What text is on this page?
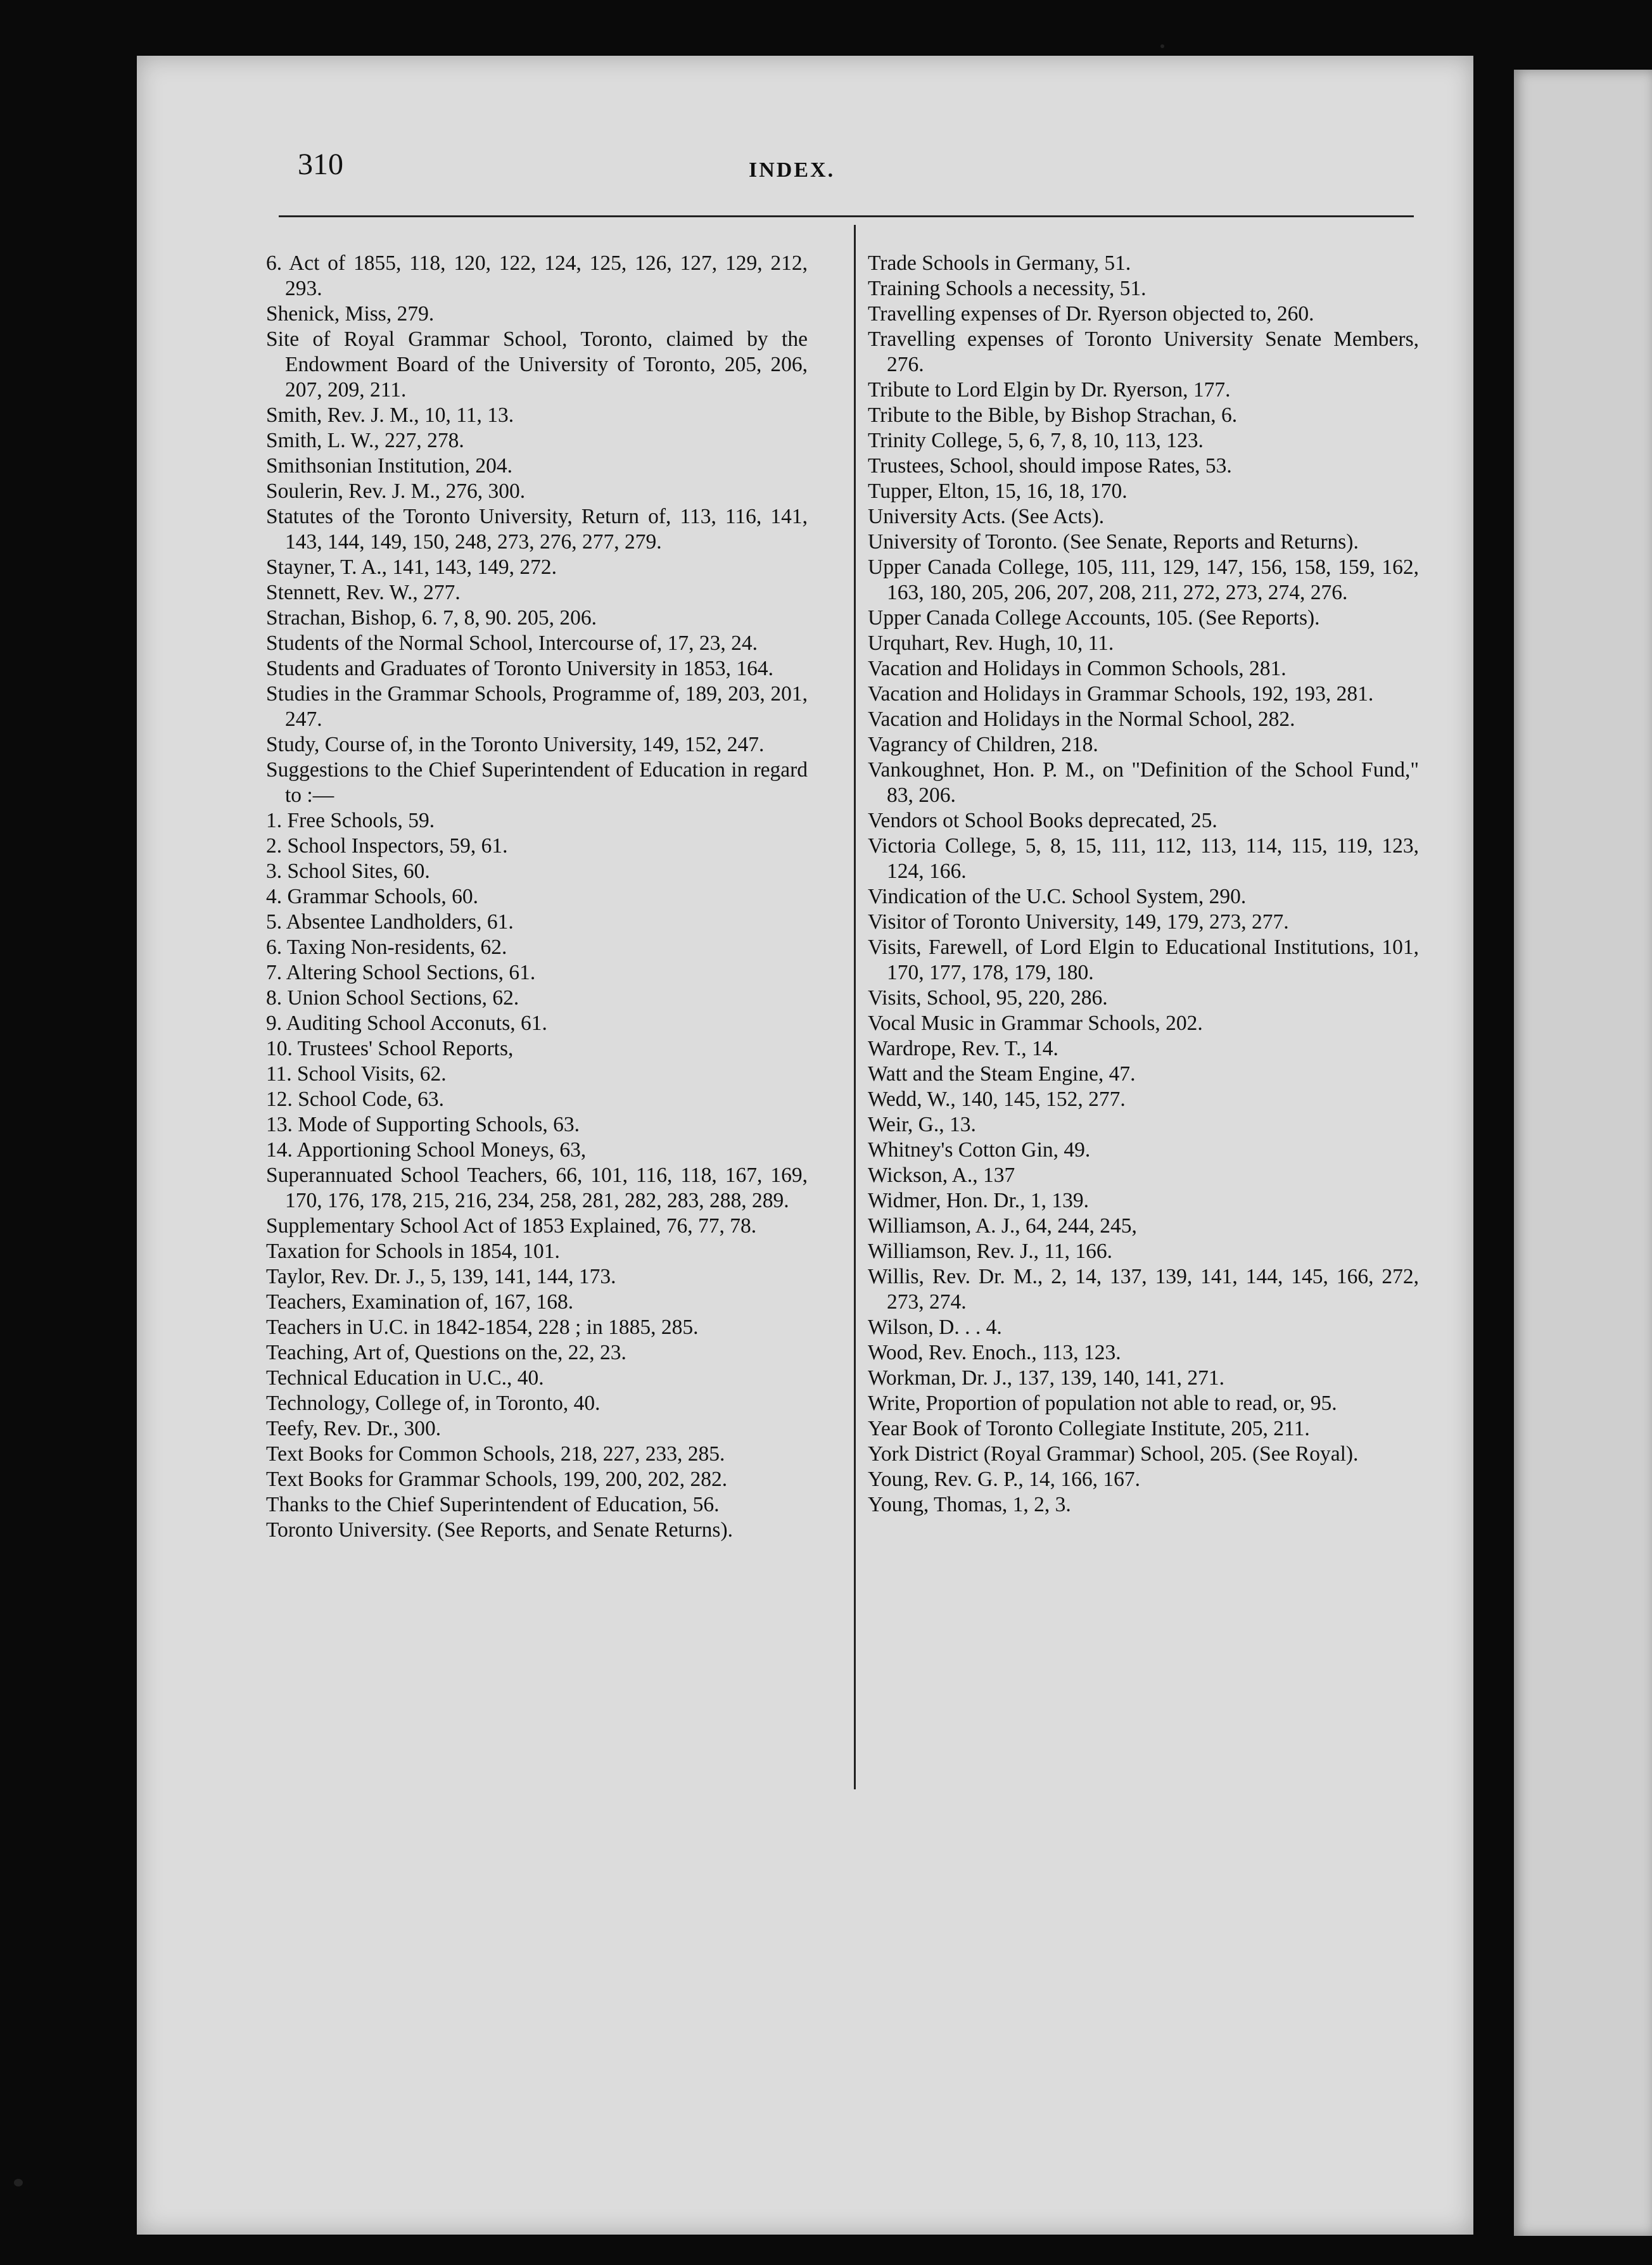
310	INDEX.

6. Act of 1855, 118, 120, 122, 124, 125, 126, 127, 129, 212, 293.

Shenick, Miss, 279.

Site of Royal Grammar School, Toronto, claimed by the Endowment Board of the University of Toronto, 205, 206, 207, 209, 211.

Smith, Rev. J. M., 10, 11, 13.

Smith, L. W., 227, 278.

Smithsonian Institution, 204.

Soulerin, Rev. J. M., 276, 300.

Statutes of the Toronto University, Return of, 113, 116, 141, 143, 144, 149, 150, 248, 273, 276, 277, 279.

Stayner, T. A., 141, 143, 149, 272.

Stennett, Rev. W., 277.

Strachan, Bishop, 6. 7, 8, 90. 205, 206.

Students of the Normal School, Intercourse of, 17, 23, 24.

Students and Graduates of Toronto University in 1853, 164.

Studies in the Grammar Schools, Programme of, 189, 203, 201, 247.

Study, Course of, in the Toronto University, 149, 152, 247.

Suggestions to the Chief Superintendent of Education in regard to :—

1. Free Schools, 59.

2. School Inspectors, 59, 61.

3. School Sites, 60.

4. Grammar Schools, 60.

5. Absentee Landholders, 61.

6. Taxing Non-residents, 62.

7. Altering School Sections, 61.

8. Union School Sections, 62.

9. Auditing School Acconuts, 61.

10. Trustees' School Reports,

11. School Visits, 62.

12. School Code, 63.

13. Mode of Supporting Schools, 63.

14. Apportioning School Moneys, 63,

Superannuated School Teachers, 66, 101, 116, 118, 167, 169, 170, 176, 178, 215, 216, 234, 258, 281, 282, 283, 288, 289.

Supplementary School Act of 1853 Explained, 76, 77, 78.

Taxation for Schools in 1854, 101.

Taylor, Rev. Dr. J., 5, 139, 141, 144, 173.

Teachers, Examination of, 167, 168.

Teachers in U.C. in 1842-1854, 228 ; in 1885, 285.

Teaching, Art of, Questions on the, 22, 23.

Technical Education in U.C., 40.

Technology, College of, in Toronto, 40.

Teefy, Rev. Dr., 300.

Text Books for Common Schools, 218, 227, 233, 285.

Text Books for Grammar Schools, 199, 200, 202, 282.

Thanks to the Chief Superintendent of Education, 56.

Toronto University. (See Reports, and Senate Returns).

Trade Schools in Germany, 51.

Training Schools a necessity, 51.

Travelling expenses of Dr. Ryerson objected to, 260.

Travelling expenses of Toronto University Senate Members, 276.

Tribute to Lord Elgin by Dr. Ryerson, 177.

Tribute to the Bible, by Bishop Strachan, 6.

Trinity College, 5, 6, 7, 8, 10, 113, 123.

Trustees, School, should impose Rates, 53.

Tupper, Elton, 15, 16, 18, 170.

University Acts. (See Acts).

University of Toronto. (See Senate, Reports and Returns).

Upper Canada College, 105, 111, 129, 147, 156, 158, 159, 162, 163, 180, 205, 206, 207, 208, 211, 272, 273, 274, 276.

Upper Canada College Accounts, 105. (See Reports).

Urquhart, Rev. Hugh, 10, 11.

Vacation and Holidays in Common Schools, 281.

Vacation and Holidays in Grammar Schools, 192, 193, 281.

Vacation and Holidays in the Normal School, 282.

Vagrancy of Children, 218.

Vankoughnet, Hon. P. M., on "Definition of the School Fund," 83, 206.

Vendors ot School Books deprecated, 25.

Victoria College, 5, 8, 15, 111, 112, 113, 114, 115, 119, 123, 124, 166.

Vindication of the U.C. School System, 290.

Visitor of Toronto University, 149, 179, 273, 277.

Visits, Farewell, of Lord Elgin to Educational Institutions, 101, 170, 177, 178, 179, 180.

Visits, School, 95, 220, 286.

Vocal Music in Grammar Schools, 202.

Wardrope, Rev. T., 14.

Watt and the Steam Engine, 47.

Wedd, W., 140, 145, 152, 277.

Weir, G., 13.

Whitney's Cotton Gin, 49.

Wickson, A., 137

Widmer, Hon. Dr., 1, 139.

Williamson, A. J., 64, 244, 245,

Williamson, Rev. J., 11, 166.

Willis, Rev. Dr. M., 2, 14, 137, 139, 141, 144, 145, 166, 272, 273, 274.

Wilson, D. . . 4.

Wood, Rev. Enoch., 113, 123.

Workman, Dr. J., 137, 139, 140, 141, 271.

Write, Proportion of population not able to read, or, 95.

Year Book of Toronto Collegiate Institute, 205, 211.

York District (Royal Grammar) School, 205. (See Royal).

Young, Rev. G. P., 14, 166, 167.

Young, Thomas, 1, 2, 3.
